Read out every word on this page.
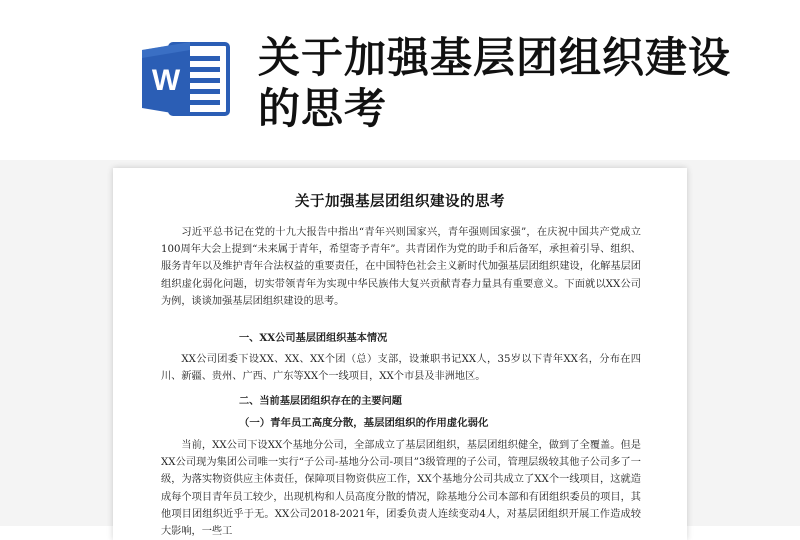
W 关于加强基层团组织建设的思考
关于加强基层团组织建设的思考

习近平总书记在党的十九大报告中指出“青年兴则国家兴，青年强则国家强”，在庆祝中国共产党成立100周年大会上提到“未来属于青年，希望寄予青年”。共青团作为党的助手和后备军，承担着引导、组织、服务青年以及维护青年合法权益的重要责任，在中国特色社会主义新时代加强基层团组织建设，化解基层团组织虚化弱化问题，切实带领青年为实现中华民族伟大复兴贡献青春力量具有重要意义。下面就以XX公司为例，谈谈加强基层团组织建设的思考。

一、XX公司基层团组织基本情况

XX公司团委下设XX、XX、XX个团（总）支部，设兼职书记XX人，35岁以下青年XX名，分布在四川、新疆、贵州、广西、广东等XX个一线项目，XX个市县及非洲地区。

二、当前基层团组织存在的主要问题
（一）青年员工高度分散，基层团组织的作用虚化弱化

当前，XX公司下设XX个基地分公司，全部成立了基层团组织，基层团组织健全，做到了全覆盖。但是XX公司现为集团公司唯一实行“子公司-基地分公司-项目”3级管理的子公司，管理层级较其他子公司多了一级，为落实物资供应主体责任，保障项目物资供应工作，XX个基地分公司共成立了XX个一线项目，这就造成每个项目青年员工较少，出现机构和人员高度分散的情况，除基地分公司本部和有团组织委员的项目，其他项目团组织近乎于无。XX公司2018-2021年，团委负责人连续变动4人，对基层团组织开展工作造成较大影响，一些工
